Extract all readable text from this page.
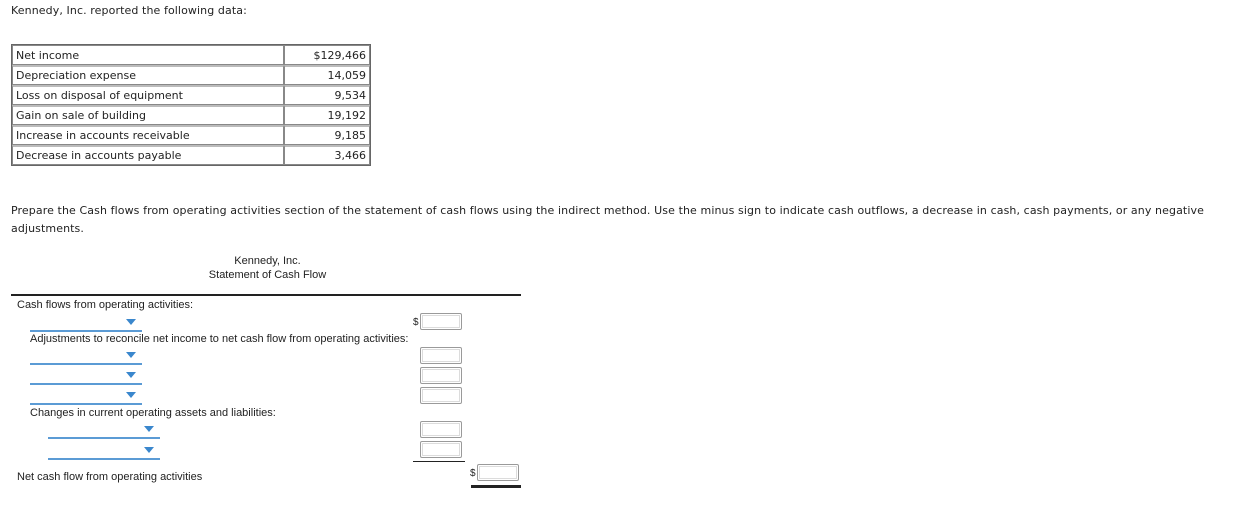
Kennedy, Inc. reported the following data:
Net income	$129,466
Depreciation expense	14,059
Loss on disposal of equipment	9,534
Gain on sale of building	19,192
Increase in accounts receivable	9,185
Decrease in accounts payable	3,466
Prepare the Cash flows from operating activities section of the statement of cash flows using the indirect method. Use the minus sign to indicate cash outflows, a decrease in cash, cash payments, or any negative adjustments.
Kennedy, Inc.
Statement of Cash Flow
Cash flows from operating activities:
$
Adjustments to reconcile net income to net cash flow from operating activities:
Changes in current operating assets and liabilities:
Net cash flow from operating activities	$
